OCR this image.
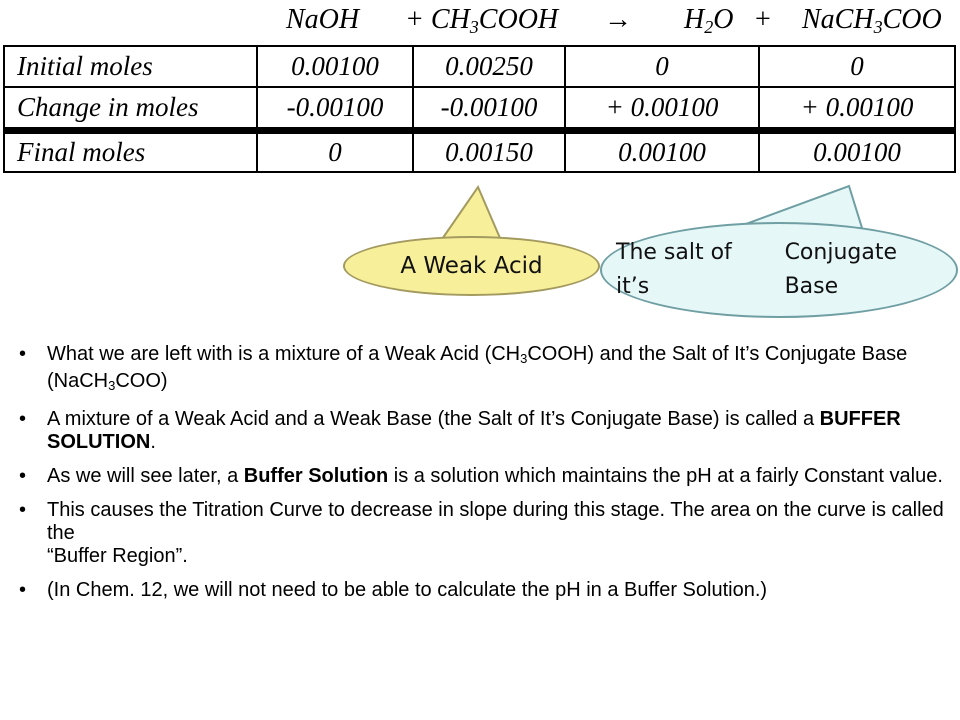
NaOH + $CH_3COOH \to H_2O$ + NaCH$_3$COO
Initial moles	0.00100	0.00250	0	0
Change in moles	-0.00100	-0.00100	+ 0.00100	+ 0.00100
Final moles	0	0.00150	0.00100	0.00100
A Weak Acid
The salt of it’s
Conjugate Base
• What we are left with is a mixture of a Weak Acid $(CH_3COOH)$ and the Salt of It’s Conjugate Base (NaCH$_3$COO)
• A mixture of a Weak Acid and a Weak Base (the Salt of It’s Conjugate Base) is called a BUFFER SOLUTION.
• As we will see later, a Buffer Solution is a solution which maintains the pH at a fairly Constant value.
• This causes the Titration Curve to decrease in slope during this stage. The area on the curve is called the
“Buffer Region”.
• (In Chem. 12, we will not need to be able to calculate the pH in a Buffer Solution.)
